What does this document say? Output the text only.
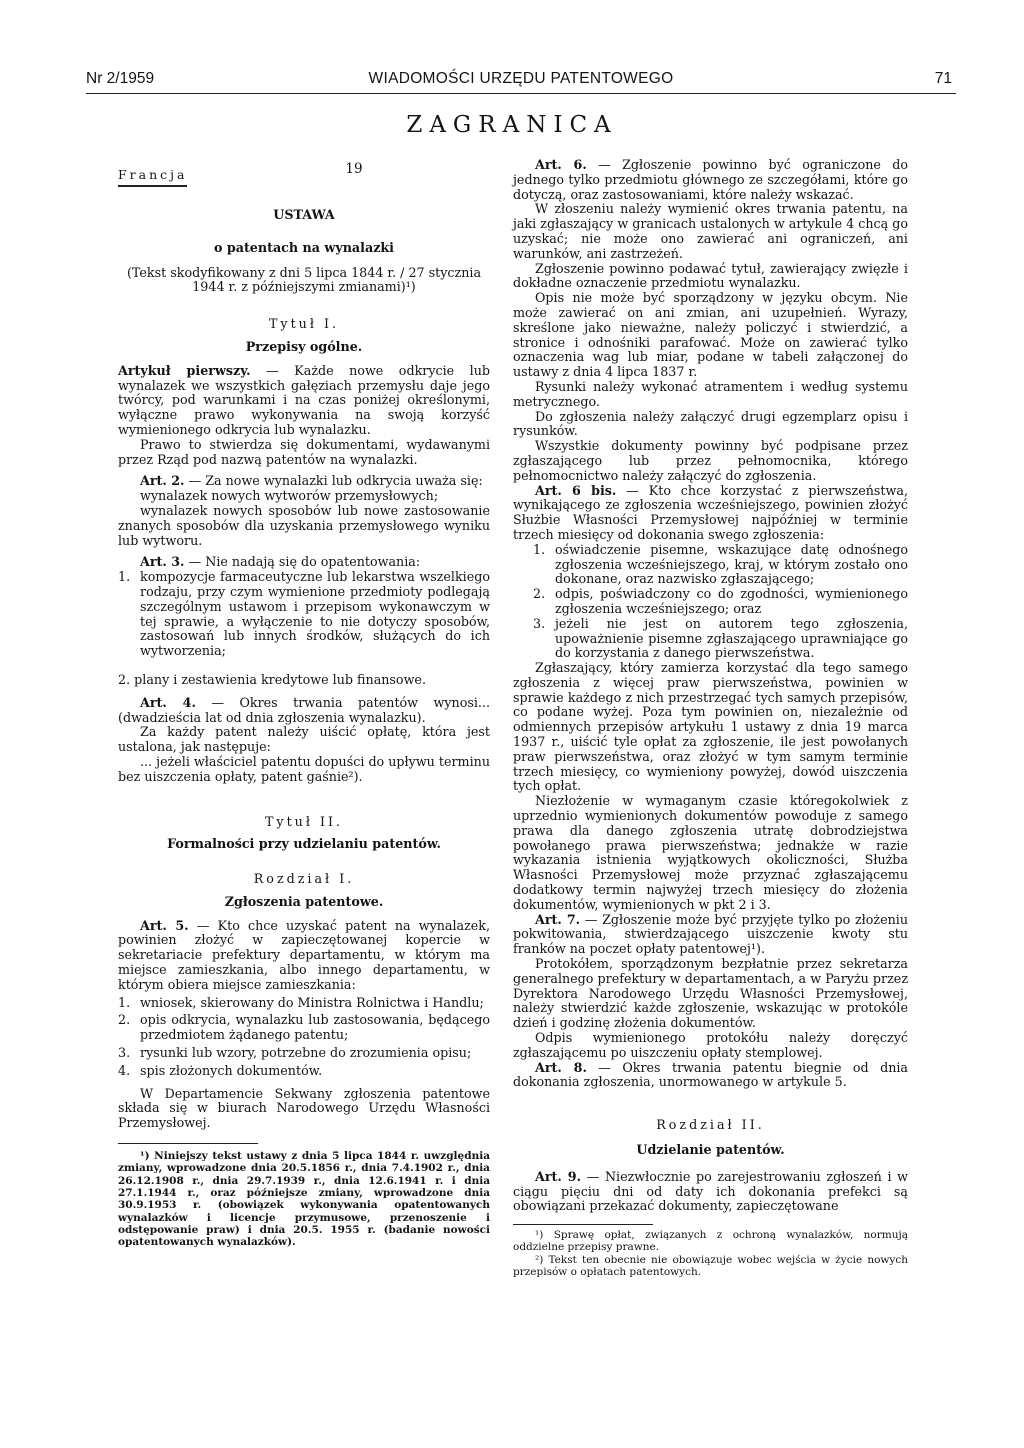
Nr 2/1959	WIADOMOŚCI URZĘDU PATENTOWEGO	71
ZAGRANICA
Francja	19

USTAWA

o patentach na wynalazki

(Tekst skodyfikowany z dni 5 lipca 1844 r. / 27 stycznia 1944 r. z późniejszymi zmianami)¹)

Tytuł I.

Przepisy ogólne.

Artykuł pierwszy. — Każde nowe odkrycie lub wynalazek we wszystkich gałęziach przemysłu daje jego twórcy, pod warunkami i na czas poniżej określonymi, wyłączne prawo wykonywania na swoją korzyść wymienionego odkrycia lub wynalazku.

Prawo to stwierdza się dokumentami, wydawanymi przez Rząd pod nazwą patentów na wynalazki.

Art. 2. — Za nowe wynalazki lub odkrycia uważa się:

wynalazek nowych wytworów przemysłowych;

wynalazek nowych sposobów lub nowe zastosowanie znanych sposobów dla uzyskania przemysłowego wyniku lub wytworu.

Art. 3. — Nie nadają się do opatentowania:

1. kompozycje farmaceutyczne lub lekarstwa wszelkiego rodzaju, przy czym wymienione przedmioty podlegają szczególnym ustawom i przepisom wykonawczym w tej sprawie, a wyłączenie to nie dotyczy sposobów, zastosowań lub innych środków, służących do ich wytworzenia;
2. plany i zestawienia kredytowe lub finansowe.

Art. 4. — Okres trwania patentów wynosi... (dwadzieścia lat od dnia zgłoszenia wynalazku).

Za każdy patent należy uiścić opłatę, która jest ustalona, jak następuje:

... jeżeli właściciel patentu dopuści do upływu terminu bez uiszczenia opłaty, patent gaśnie²).

Tytuł II.

Formalności przy udzielaniu patentów.

Rozdział I.

Zgłoszenia patentowe.

Art. 5. — Kto chce uzyskać patent na wynalazek, powinien złożyć w zapieczętowanej kopercie w sekretariacie prefektury departamentu, w którym ma miejsce zamieszkania, albo innego departamentu, w którym obiera miejsce zamieszkania:

1. wniosek, skierowany do Ministra Rolnictwa i Handlu;
2. opis odkrycia, wynalazku lub zastosowania, będącego przedmiotem żądanego patentu;
3. rysunki lub wzory, potrzebne do zrozumienia opisu;
4. spis złożonych dokumentów.

W Departamencie Sekwany zgłoszenia patentowe składa się w biurach Narodowego Urzędu Własności Przemysłowej.

¹) Niniejszy tekst ustawy z dnia 5 lipca 1844 r. uwzględnia zmiany, wprowadzone dnia 20.5.1856 r., dnia 7.4.1902 r., dnia 26.12.1908 r., dnia 29.7.1939 r., dnia 12.6.1941 r. i dnia 27.1.1944 r., oraz późniejsze zmiany, wprowadzone dnia 30.9.1953 r. (obowiązek wykonywania opatentowanych wynalazków i licencje przymusowe, przenoszenie i odstępowanie praw) i dnia 20.5. 1955 r. (badanie nowości opatentowanych wynalazków).

Art. 6. — Zgłoszenie powinno być ograniczone do jednego tylko przedmiotu głównego ze szczegółami, które go dotyczą, oraz zastosowaniami, które należy wskazać.

W złoszeniu należy wymienić okres trwania patentu, na jaki zgłaszający w granicach ustalonych w artykule 4 chcą go uzyskać; nie może ono zawierać ani ograniczeń, ani warunków, ani zastrzeżeń.

Zgłoszenie powinno podawać tytuł, zawierający zwięzłe i dokładne oznaczenie przedmiotu wynalazku.

Opis nie może być sporządzony w języku obcym. Nie może zawierać on ani zmian, ani uzupełnień. Wyrazy, skreślone jako nieważne, należy policzyć i stwierdzić, a stronice i odnośniki parafować. Może on zawierać tylko oznaczenia wag lub miar, podane w tabeli załączonej do ustawy z dnia 4 lipca 1837 r.

Rysunki należy wykonać atramentem i według systemu metrycznego.

Do zgłoszenia należy załączyć drugi egzemplarz opisu i rysunków.

Wszystkie dokumenty powinny być podpisane przez zgłaszającego lub przez pełnomocnika, którego pełnomocnictwo należy załączyć do zgłoszenia.

Art. 6 bis. — Kto chce korzystać z pierwszeństwa, wynikającego ze zgłoszenia wcześniejszego, powinien złożyć Służbie Własności Przemysłowej najpóźniej w terminie trzech miesięcy od dokonania swego zgłoszenia:

1. oświadczenie pisemne, wskazujące datę odnośnego zgłoszenia wcześniejszego, kraj, w którym zostało ono dokonane, oraz nazwisko zgłaszającego;
2. odpis, poświadczony co do zgodności, wymienionego zgłoszenia wcześniejszego; oraz
3. jeżeli nie jest on autorem tego zgłoszenia, upoważnienie pisemne zgłaszającego uprawniające go do korzystania z danego pierwszeństwa.

Zgłaszający, który zamierza korzystać dla tego samego zgłoszenia z więcej praw pierwszeństwa, powinien w sprawie każdego z nich przestrzegać tych samych przepisów, co podane wyżej. Poza tym powinien on, niezależnie od odmiennych przepisów artykułu 1 ustawy z dnia 19 marca 1937 r., uiścić tyle opłat za zgłoszenie, ile jest powołanych praw pierwszeństwa, oraz złożyć w tym samym terminie trzech miesięcy, co wymieniony powyżej, dowód uiszczenia tych opłat.

Niezłożenie w wymaganym czasie któregokolwiek z uprzednio wymienionych dokumentów powoduje z samego prawa dla danego zgłoszenia utratę dobrodziejstwa powołanego prawa pierwszeństwa; jednakże w razie wykazania istnienia wyjątkowych okoliczności, Służba Własności Przemysłowej może przyznać zgłaszającemu dodatkowy termin najwyżej trzech miesięcy do złożenia dokumentów, wymienionych w pkt 2 i 3.

Art. 7. — Zgłoszenie może być przyjęte tylko po złożeniu pokwitowania, stwierdzającego uiszczenie kwoty stu franków na poczet opłaty patentowej¹).

Protokółem, sporządzonym bezpłatnie przez sekretarza generalnego prefektury w departamentach, a w Paryżu przez Dyrektora Narodowego Urzędu Własności Przemysłowej, należy stwierdzić każde zgłoszenie, wskazując w protokóle dzień i godzinę złożenia dokumentów.

Odpis wymienionego protokółu należy doręczyć zgłaszającemu po uiszczeniu opłaty stemplowej.

Art. 8. — Okres trwania patentu biegnie od dnia dokonania zgłoszenia, unormowanego w artykule 5.

Rozdział II.

Udzielanie patentów.

Art. 9. — Niezwłocznie po zarejestrowaniu zgłoszeń i w ciągu pięciu dni od daty ich dokonania prefekci są obowiązani przekazać dokumenty, zapieczętowane

¹) Sprawę opłat, związanych z ochroną wynalazków, normują oddzielne przepisy prawne.

²) Tekst ten obecnie nie obowiązuje wobec wejścia w życie nowych przepisów o opłatach patentowych.
